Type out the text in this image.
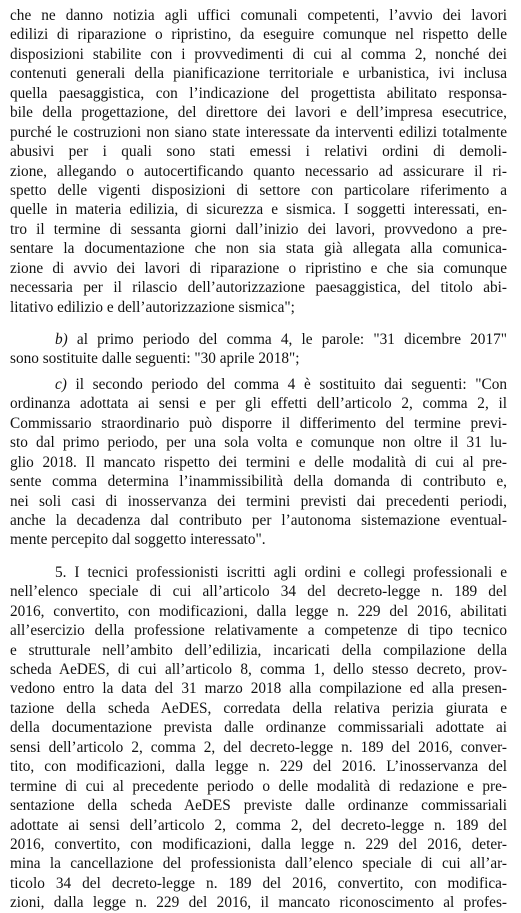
che ne danno notizia agli uffici comunali competenti, l’avvio dei lavori
edilizi di riparazione o ripristino, da eseguire comunque nel rispetto delle
disposizioni stabilite con i provvedimenti di cui al comma 2, nonché dei
contenuti generali della pianificazione territoriale e urbanistica, ivi inclusa
quella paesaggistica, con l’indicazione del progettista abilitato responsa-
bile della progettazione, del direttore dei lavori e dell’impresa esecutrice,
purché le costruzioni non siano state interessate da interventi edilizi totalmente
abusivi per i quali sono stati emessi i relativi ordini di demoli-
zione, allegando o autocertificando quanto necessario ad assicurare il ri-
spetto delle vigenti disposizioni di settore con particolare riferimento a
quelle in materia edilizia, di sicurezza e sismica. I soggetti interessati, en-
tro il termine di sessanta giorni dall’inizio dei lavori, provvedono a pre-
sentare la documentazione che non sia stata già allegata alla comunica-
zione di avvio dei lavori di riparazione o ripristino e che sia comunque
necessaria per il rilascio dell’autorizzazione paesaggistica, del titolo abi-
litativo edilizio e dell’autorizzazione sismica";
b) al primo periodo del comma 4, le parole: "31 dicembre 2017"
sono sostituite dalle seguenti: "30 aprile 2018";
c) il secondo periodo del comma 4 è sostituito dai seguenti: "Con
ordinanza adottata ai sensi e per gli effetti dell’articolo 2, comma 2, il
Commissario straordinario può disporre il differimento del termine previ-
sto dal primo periodo, per una sola volta e comunque non oltre il 31 lu-
glio 2018. Il mancato rispetto dei termini e delle modalità di cui al pre-
sente comma determina l’inammissibilità della domanda di contributo e,
nei soli casi di inosservanza dei termini previsti dai precedenti periodi,
anche la decadenza dal contributo per l’autonoma sistemazione eventual-
mente percepito dal soggetto interessato".
5. I tecnici professionisti iscritti agli ordini e collegi professionali e
nell’elenco speciale di cui all’articolo 34 del decreto-legge n. 189 del
2016, convertito, con modificazioni, dalla legge n. 229 del 2016, abilitati
all’esercizio della professione relativamente a competenze di tipo tecnico
e strutturale nell’ambito dell’edilizia, incaricati della compilazione della
scheda AeDES, di cui all’articolo 8, comma 1, dello stesso decreto, prov-
vedono entro la data del 31 marzo 2018 alla compilazione ed alla presen-
tazione della scheda AeDES, corredata della relativa perizia giurata e
della documentazione prevista dalle ordinanze commissariali adottate ai
sensi dell’articolo 2, comma 2, del decreto-legge n. 189 del 2016, conver-
tito, con modificazioni, dalla legge n. 229 del 2016. L’inosservanza del
termine di cui al precedente periodo o delle modalità di redazione e pre-
sentazione della scheda AeDES previste dalle ordinanze commissariali
adottate ai sensi dell’articolo 2, comma 2, del decreto-legge n. 189 del
2016, convertito, con modificazioni, dalla legge n. 229 del 2016, deter-
mina la cancellazione del professionista dall’elenco speciale di cui all’ar-
ticolo 34 del decreto-legge n. 189 del 2016, convertito, con modifica-
zioni, dalla legge n. 229 del 2016, il mancato riconoscimento al profes-
